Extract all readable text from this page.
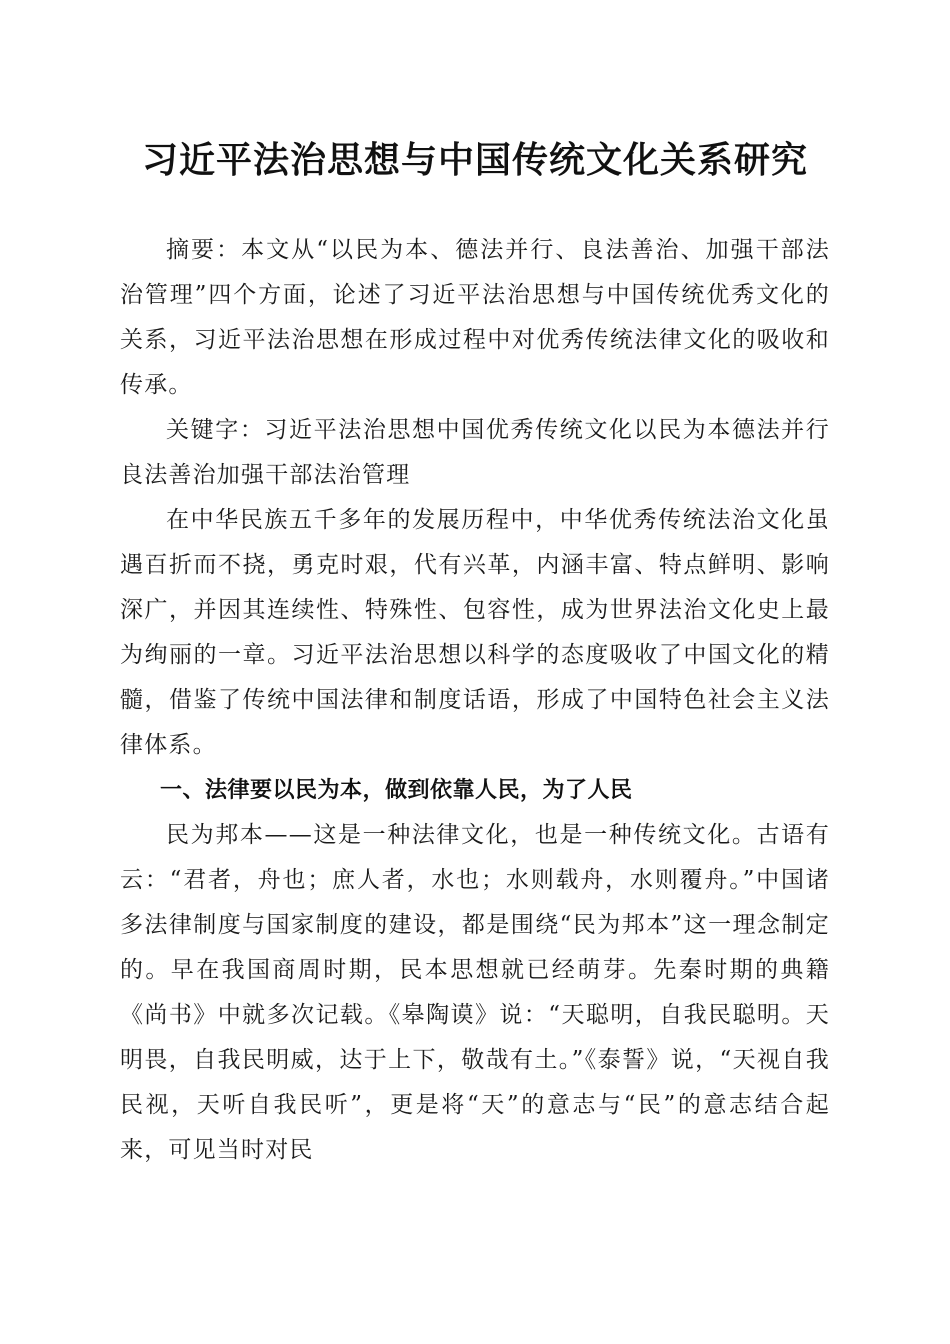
习近平法治思想与中国传统文化关系研究

摘要：本文从“以民为本、德法并行、良法善治、加强干部法治管理”四个方面，论述了习近平法治思想与中国传统优秀文化的关系，习近平法治思想在形成过程中对优秀传统法律文化的吸收和传承。

关键字：习近平法治思想中国优秀传统文化以民为本德法并行良法善治加强干部法治管理

在中华民族五千多年的发展历程中，中华优秀传统法治文化虽遇百折而不挠，勇克时艰，代有兴革，内涵丰富、特点鲜明、影响深广，并因其连续性、特殊性、包容性，成为世界法治文化史上最为绚丽的一章。习近平法治思想以科学的态度吸收了中国文化的精髓，借鉴了传统中国法律和制度话语，形成了中国特色社会主义法律体系。

一、法律要以民为本，做到依靠人民，为了人民

民为邦本——这是一种法律文化，也是一种传统文化。古语有云：“君者，舟也；庶人者，水也；水则载舟，水则覆舟。”中国诸多法律制度与国家制度的建设，都是围绕“民为邦本”这一理念制定的。早在我国商周时期，民本思想就已经萌芽。先秦时期的典籍《尚书》中就多次记载。《皋陶谟》说：“天聪明，自我民聪明。天明畏，自我民明威，达于上下，敬哉有土。”《泰誓》说，“天视自我民视，天听自我民听”，更是将“天”的意志与“民”的意志结合起来，可见当时对民
